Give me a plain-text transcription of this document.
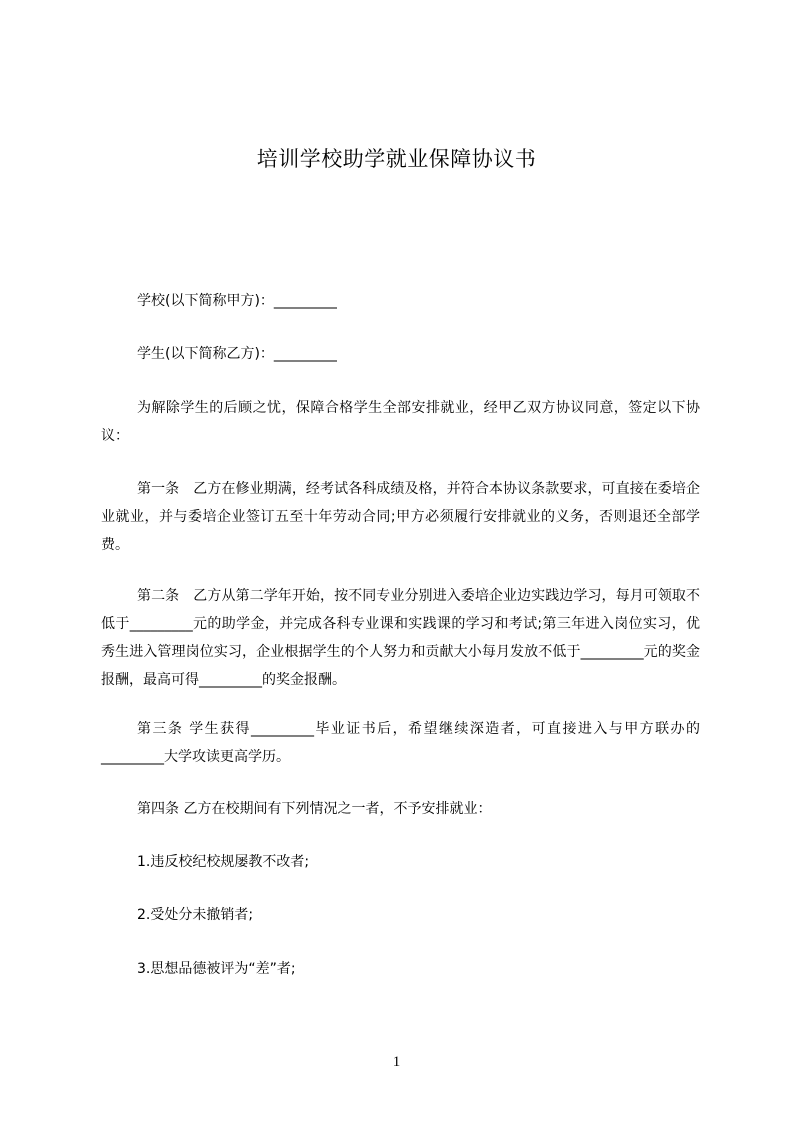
培训学校助学就业保障协议书

学校(以下简称甲方)：_________

学生(以下简称乙方)：_________

为解除学生的后顾之忧，保障合格学生全部安排就业，经甲乙双方协议同意，签定以下协议：

第一条　乙方在修业期满，经考试各科成绩及格，并符合本协议条款要求，可直接在委培企业就业，并与委培企业签订五至十年劳动合同;甲方必须履行安排就业的义务，否则退还全部学费。

第二条　乙方从第二学年开始，按不同专业分别进入委培企业边实践边学习，每月可领取不低于_________元的助学金，并完成各科专业课和实践课的学习和考试;第三年进入岗位实习，优秀生进入管理岗位实习，企业根据学生的个人努力和贡献大小每月发放不低于_________元的奖金报酬，最高可得_________的奖金报酬。

第三条 学生获得_________毕业证书后，希望继续深造者，可直接进入与甲方联办的_________大学攻读更高学历。

第四条 乙方在校期间有下列情况之一者，不予安排就业：

1.违反校纪校规屡教不改者;

2.受处分未撤销者;

3.思想品德被评为“差”者;

1
